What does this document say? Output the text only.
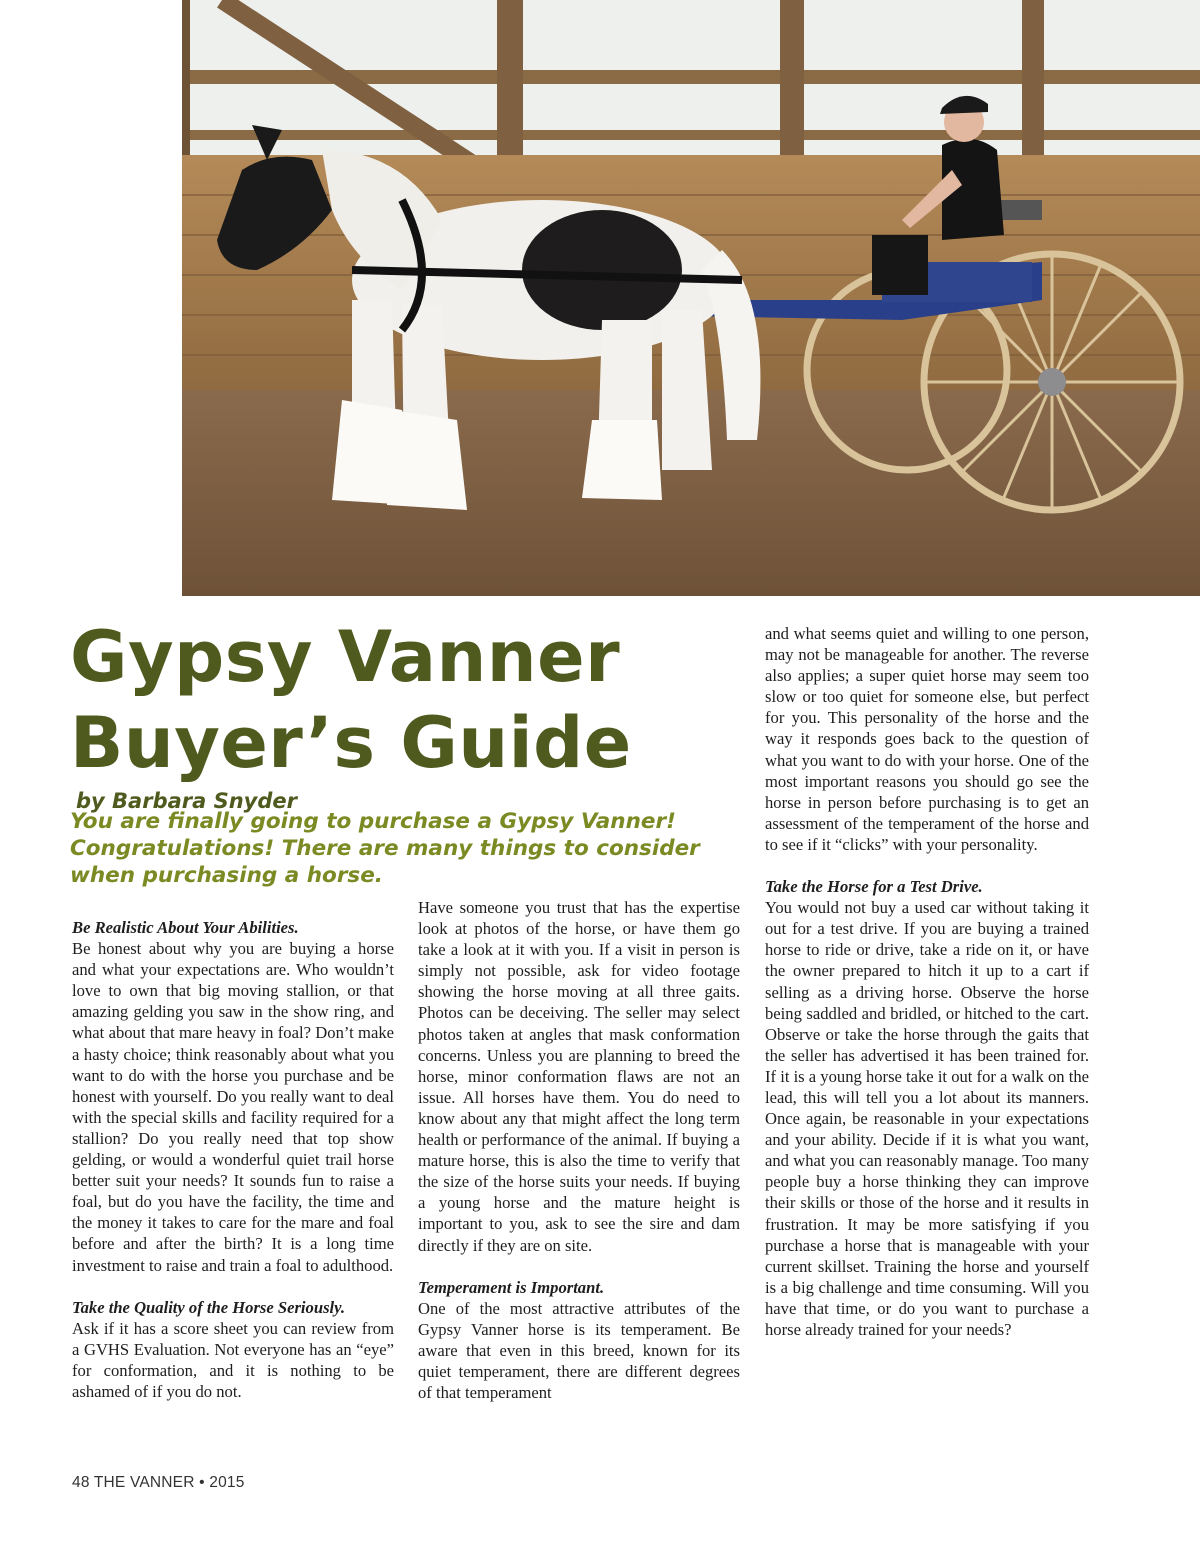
Gypsy Vanner
Buyer’s Guide

by Barbara Snyder

You are finally going to purchase a Gypsy Vanner!
Congratulations! There are many things to consider
when purchasing a horse.

Be Realistic About Your Abilities.

Be honest about why you are buying a horse and what your expectations are. Who wouldn’t love to own that big moving stallion, or that amazing gelding you saw in the show ring, and what about that mare heavy in foal? Don’t make a hasty choice; think reasonably about what you want to do with the horse you purchase and be honest with yourself. Do you really want to deal with the special skills and facility required for a stallion? Do you really need that top show gelding, or would a wonderful quiet trail horse better suit your needs? It sounds fun to raise a foal, but do you have the facility, the time and the money it takes to care for the mare and foal before and after the birth? It is a long time investment to raise and train a foal to adulthood.

Take the Quality of the Horse Seriously.

Ask if it has a score sheet you can review from a GVHS Evaluation. Not everyone has an “eye” for conformation, and it is nothing to be ashamed of if you do not.

Have someone you trust that has the expertise look at photos of the horse, or have them go take a look at it with you. If a visit in person is simply not possible, ask for video footage showing the horse moving at all three gaits. Photos can be deceiving. The seller may select photos taken at angles that mask conformation concerns. Unless you are planning to breed the horse, minor conformation flaws are not an issue. All horses have them. You do need to know about any that might affect the long term health or performance of the animal. If buying a mature horse, this is also the time to verify that the size of the horse suits your needs. If buying a young horse and the mature height is important to you, ask to see the sire and dam directly if they are on site.

Temperament is Important.

One of the most attractive attributes of the Gypsy Vanner horse is its temperament. Be aware that even in this breed, known for its quiet temperament, there are different degrees of that temperament

and what seems quiet and willing to one person, may not be manageable for another. The reverse also applies; a super quiet horse may seem too slow or too quiet for someone else, but perfect for you. This personality of the horse and the way it responds goes back to the question of what you want to do with your horse. One of the most important reasons you should go see the horse in person before purchasing is to get an assessment of the temperament of the horse and to see if it “clicks” with your personality.

Take the Horse for a Test Drive.

You would not buy a used car without taking it out for a test drive. If you are buying a trained horse to ride or drive, take a ride on it, or have the owner prepared to hitch it up to a cart if selling as a driving horse. Observe the horse being saddled and bridled, or hitched to the cart. Observe or take the horse through the gaits that the seller has advertised it has been trained for. If it is a young horse take it out for a walk on the lead, this will tell you a lot about its manners. Once again, be reasonable in your expectations and your ability. Decide if it is what you want, and what you can reasonably manage. Too many people buy a horse thinking they can improve their skills or those of the horse and it results in frustration. It may be more satisfying if you purchase a horse that is manageable with your current skillset. Training the horse and yourself is a big challenge and time consuming. Will you have that time, or do you want to purchase a horse already trained for your needs?

48 THE VANNER • 2015
